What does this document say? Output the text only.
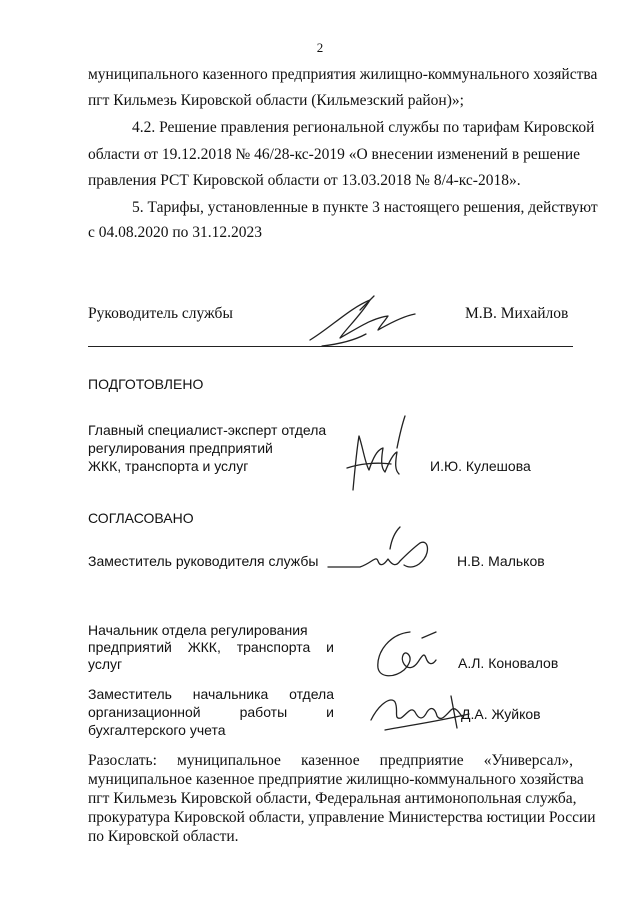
2
муниципального казенного предприятия жилищно-коммунального хозяйства
пгт Кильмезь Кировской области (Кильмезский район)»;
4.2. Решение правления региональной службы по тарифам Кировской
области от 19.12.2018 № 46/28-кс-2019 «О внесении изменений в решение
правления РСТ Кировской области от 13.03.2018 № 8/4-кс-2018».
5. Тарифы, установленные в пункте 3 настоящего решения, действуют
с 04.08.2020 по 31.12.2023
Руководитель службы	М.В. Михайлов
ПОДГОТОВЛЕНО
Главный специалист-эксперт отдела
регулирования предприятий
ЖКК, транспорта и услуг	И.Ю. Кулешова
СОГЛАСОВАНО
Заместитель руководителя службы	Н.В. Мальков
Начальник отдела регулирования
предприятий ЖКК, транспорта и
услуг	А.Л. Коновалов
Заместитель начальника отдела
организационной	работы	и
бухгалтерского учета
Д.А. Жуйков
Разослать: муниципальное казенное предприятие «Универсал»,
муниципальное казенное предприятие жилищно-коммунального хозяйства
пгт Кильмезь Кировской области, Федеральная антимонопольная служба,
прокуратура Кировской области, управление Министерства юстиции России
по Кировской области.
